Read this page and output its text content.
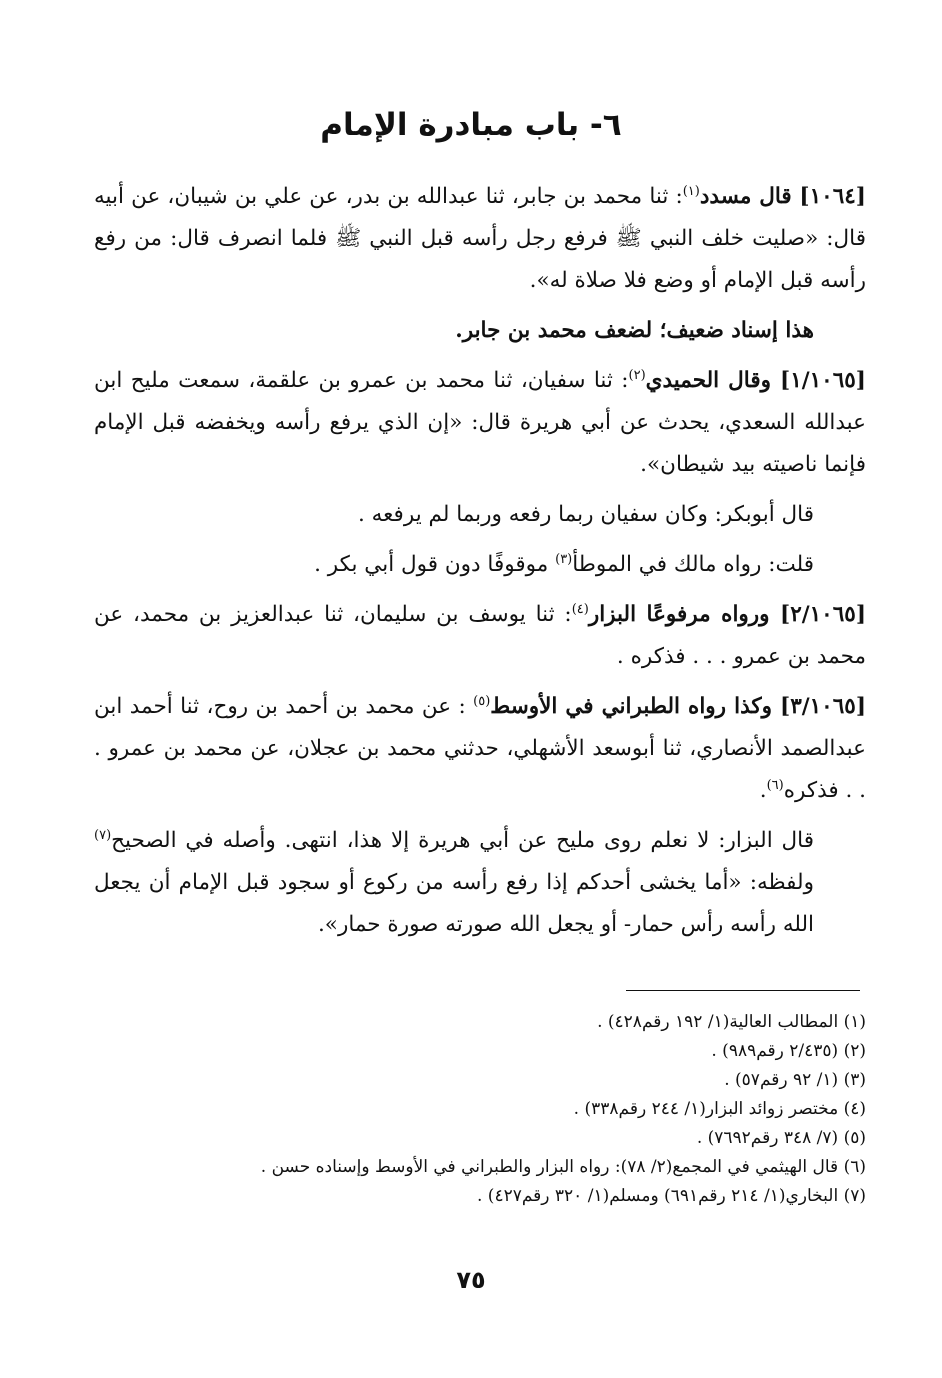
٦- باب مبادرة الإمام

[١٠٦٤] قال مسدد$^{(١)}$: ثنا محمد بن جابر، ثنا عبدالله بن بدر، عن علي بن شيبان، عن أبيه قال: «صليت خلف النبي ﷺ فرفع رجل رأسه قبل النبي ﷺ فلما انصرف قال: من رفع رأسه قبل الإمام أو وضع فلا صلاة له».

هذا إسناد ضعيف؛ لضعف محمد بن جابر.

[١/١٠٦٥] وقال الحميدي$^{(٢)}$: ثنا سفيان، ثنا محمد بن عمرو بن علقمة، سمعت مليح ابن عبدالله السعدي، يحدث عن أبي هريرة قال: «إن الذي يرفع رأسه ويخفضه قبل الإمام فإنما ناصيته بيد شيطان».

قال أبوبكر: وكان سفيان ربما رفعه وربما لم يرفعه .

قلت: رواه مالك في الموطأ$^{(٣)}$ موقوفًا دون قول أبي بكر .

[٢/١٠٦٥] ورواه مرفوعًا البزار$^{(٤)}$: ثنا يوسف بن سليمان، ثنا عبدالعزيز بن محمد، عن محمد بن عمرو . . . فذكره .

[٣/١٠٦٥] وكذا رواه الطبراني في الأوسط$^{(٥)}$ : عن محمد بن أحمد بن روح، ثنا أحمد ابن عبدالصمد الأنصاري، ثنا أبوسعد الأشهلي، حدثني محمد بن عجلان، عن محمد بن عمرو . . . فذكره$^{(٦)}$.

قال البزار: لا نعلم روى مليح عن أبي هريرة إلا هذا، انتهى. وأصله في الصحيح$^{(٧)}$ ولفظه: «أما يخشى أحدكم إذا رفع رأسه من ركوع أو سجود قبل الإمام أن يجعل الله رأسه رأس حمار- أو يجعل الله صورته صورة حمار».

(١) المطالب العالية(١/ ١٩٢ رقم٤٢٨) .
(٢) (٢/٤٣٥ رقم٩٨٩) .
(٣) (١/ ٩٢ رقم٥٧) .
(٤) مختصر زوائد البزار(١/ ٢٤٤ رقم٣٣٨) .
(٥) (٧/ ٣٤٨ رقم٧٦٩٢) .
(٦) قال الهيثمي في المجمع(٢/ ٧٨): رواه البزار والطبراني في الأوسط وإسناده حسن .
(٧) البخاري(١/ ٢١٤ رقم٦٩١) ومسلم(١/ ٣٢٠ رقم٤٢٧) .
٧٥
